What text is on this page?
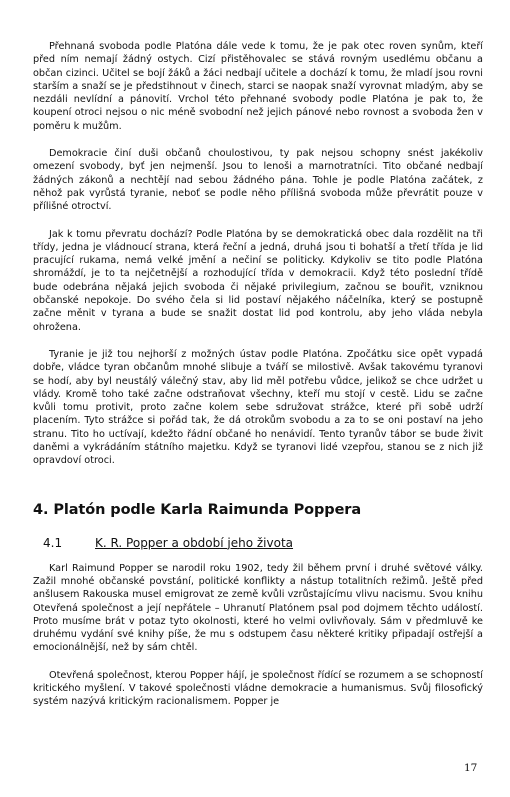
Přehnaná svoboda podle Platóna dále vede k tomu, že je pak otec roven synům, kteří před ním nemají žádný ostych. Cizí přistěhovalec se stává rovným usedlému občanu a občan cizinci. Učitel se bojí žáků a žáci nedbají učitele a dochází k tomu, že mladí jsou rovni starším a snaží se je předstihnout v činech, starci se naopak snaží vyrovnat mladým, aby se nezdáli nevlídní a pánovití. Vrchol této přehnané svobody podle Platóna je pak to, že koupení otroci nejsou o nic méně svobodní než jejich pánové nebo rovnost a svoboda žen v poměru k mužům.

Demokracie činí duši občanů choulostivou, ty pak nejsou schopny snést jakékoliv omezení svobody, byť jen nejmenší. Jsou to lenoši a marnotratníci. Tito občané nedbají žádných zákonů a nechtějí nad sebou žádného pána. Tohle je podle Platóna začátek, z něhož pak vyrůstá tyranie, neboť se podle něho přílišná svoboda může převrátit pouze v přílišné otroctví.

Jak k tomu převratu dochází? Podle Platóna by se demokratická obec dala rozdělit na tři třídy, jedna je vládnoucí strana, která řeční a jedná, druhá jsou ti bohatší a třetí třída je lid pracující rukama, nemá velké jmění a nečiní se politicky. Kdykoliv se tito podle Platóna shromáždí, je to ta nejčetnější a rozhodující třída v demokracii. Když této poslední třídě bude odebrána nějaká jejich svoboda či nějaké privilegium, začnou se bouřit, vzniknou občanské nepokoje. Do svého čela si lid postaví nějakého náčelníka, který se postupně začne měnit v tyrana a bude se snažit dostat lid pod kontrolu, aby jeho vláda nebyla ohrožena.

Tyranie je již tou nejhorší z možných ústav podle Platóna. Zpočátku sice opět vypadá dobře, vládce tyran občanům mnohé slibuje a tváří se milostivě. Avšak takovému tyranovi se hodí, aby byl neustálý válečný stav, aby lid měl potřebu vůdce, jelikož se chce udržet u vlády. Kromě toho také začne odstraňovat všechny, kteří mu stojí v cestě. Lidu se začne kvůli tomu protivit, proto začne kolem sebe sdružovat strážce, které při sobě udrží placením. Tyto strážce si pořád tak, že dá otrokům svobodu a za to se oni postaví na jeho stranu. Tito ho uctívají, kdežto řádní občané ho nenávidí. Tento tyranův tábor se bude živit daněmi a vykrádáním státního majetku. Když se tyranovi lidé vzepřou, stanou se z nich již opravdoví otroci.

4. Platón podle Karla Raimunda Poppera
4.1	K. R. Popper a období jeho života

Karl Raimund Popper se narodil roku 1902, tedy žil během první i druhé světové války. Zažil mnohé občanské povstání, politické konflikty a nástup totalitních režimů. Ještě před anšlusem Rakouska musel emigrovat ze země kvůli vzrůstajícímu vlivu nacismu. Svou knihu Otevřená společnost a její nepřátele – Uhranutí Platónem psal pod dojmem těchto událostí. Proto musíme brát v potaz tyto okolnosti, které ho velmi ovlivňovaly. Sám v předmluvě ke druhému vydání své knihy píše, že mu s odstupem času některé kritiky připadají ostřejší a emocionálnější, než by sám chtěl.

Otevřená společnost, kterou Popper hájí, je společnost řídící se rozumem a se schopností kritického myšlení. V takové společnosti vládne demokracie a humanismus. Svůj filosofický systém nazývá kritickým racionalismem. Popper je

17
